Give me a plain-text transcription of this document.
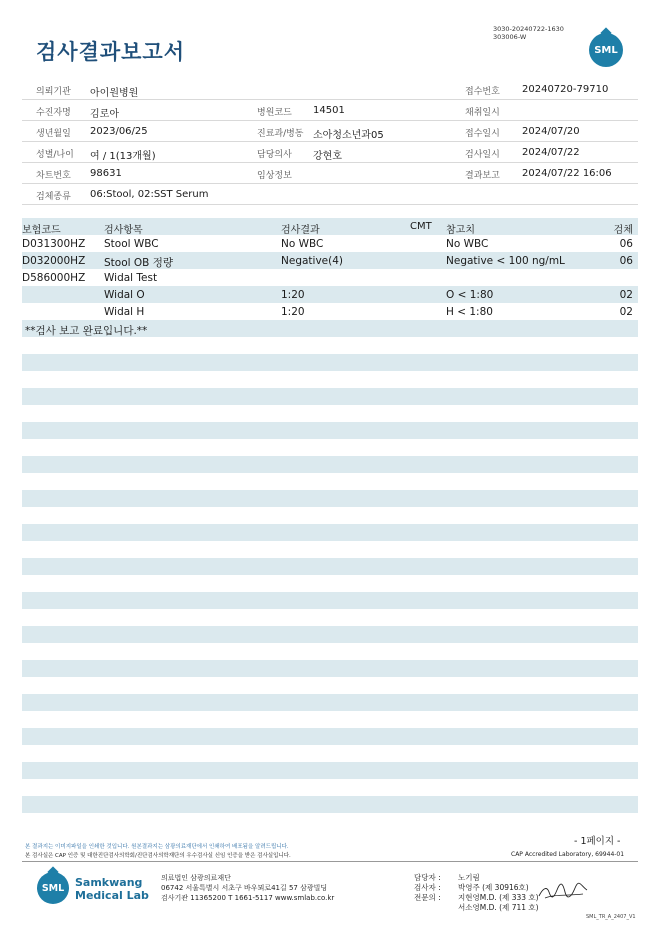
검사결과보고서
3030-20240722-1630
303006-W
SML
의뢰기관 아이원병원	접수번호 20240720-79710
수진자명 김로아	병원코드 14501	채취일시
생년월일 2023/06/25	진료과/병동 소아청소년과05	접수일시 2024/07/20
성별/나이 여 / 1(13개월)	담당의사 강현호	검사일시 2024/07/22
차트번호 98631	임상정보	결과보고 2024/07/22 16:06
검체종류 06:Stool, 02:SST Serum
보험코드	검사항목	검사결과	CMT 참고치	검체
D031300HZ Stool WBC	No WBC	No WBC	06
D032000HZ Stool OB 정량	Negative(4)	Negative < 100 ng/mL	06
D586000HZ Widal Test
Widal O	1:20	O < 1:80	02
Widal H	1:20	H < 1:80	02
**검사 보고 완료입니다.**
- 1페이지 -
본 결과지는 이미지파일을 인쇄한 것입니다. 원본결과지는 삼광의료재단에서 인쇄하여 배포됨을 알려드립니다.
본 검사실은 CAP 인증 및 대한진단검사의학회/진단검사의학재단의 우수검사실 신임 인증을 받은 검사실입니다.	CAP Accredited Laboratory, 69944-01
SML Samkwang
Medical Lab
의료법인 삼광의료재단
06742 서울특별시 서초구 바우뫼로41길 57 삼광빌딩
검사기관 11365200 T 1661-5117 www.smlab.co.kr
담당자 : 노기림
검사자 : 박영주 (제 30916호)
전문의 : 지현영M.D. (제 333 호)
서소영M.D. (제 711 호)
SML_TR_A_2407_V1
